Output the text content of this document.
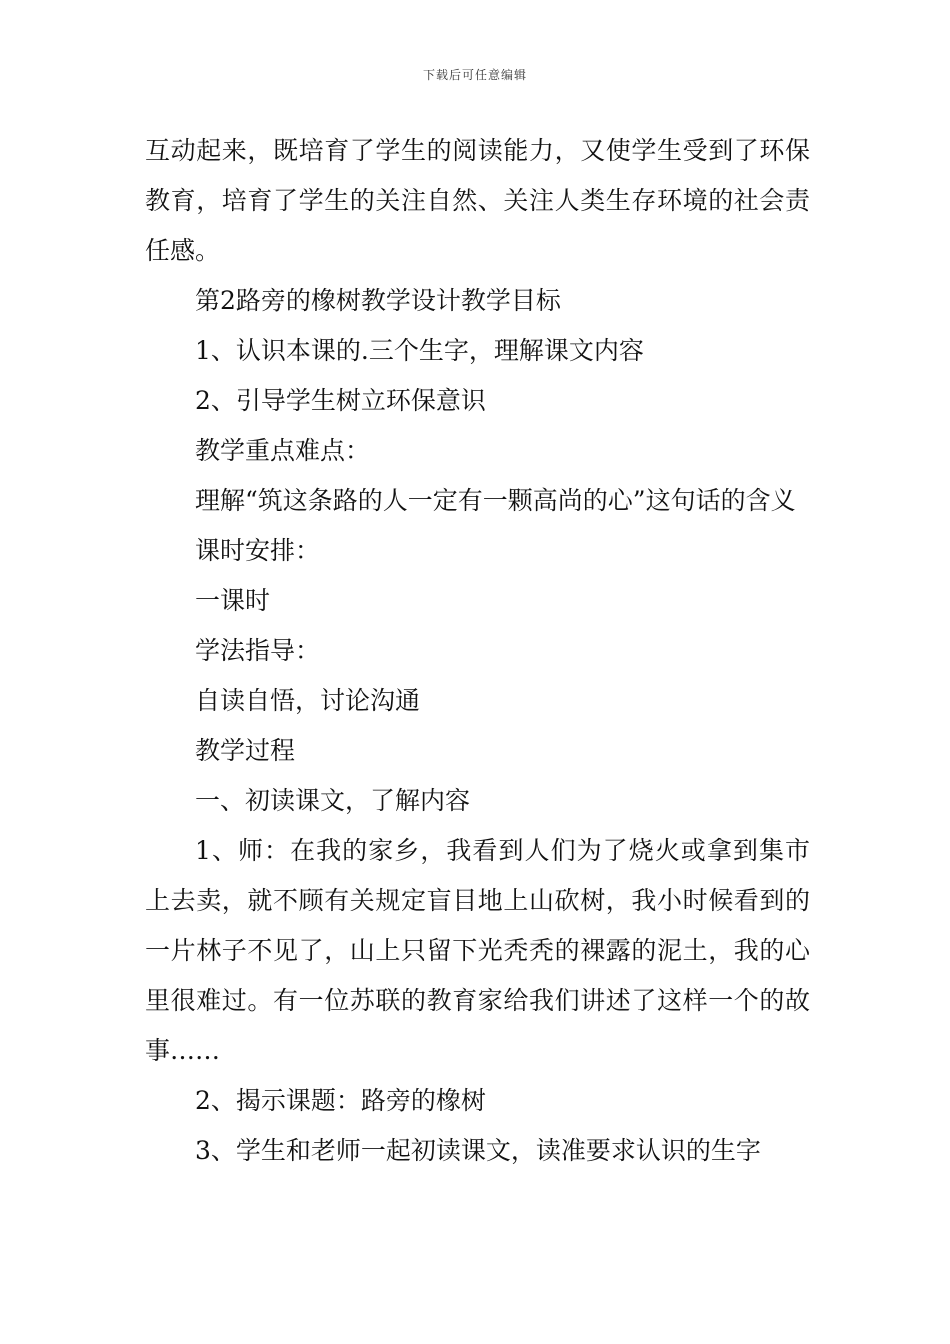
下载后可任意编辑

互动起来，既培育了学生的阅读能力，又使学生受到了环保教育，培育了学生的关注自然、关注人类生存环境的社会责任感。

第2路旁的橡树教学设计教学目标

1、认识本课的.三个生字，理解课文内容

2、引导学生树立环保意识

教学重点难点：

理解“筑这条路的人一定有一颗高尚的心”这句话的含义

课时安排：

一课时

学法指导：

自读自悟，讨论沟通

教学过程

一、初读课文，了解内容

1、师：在我的家乡，我看到人们为了烧火或拿到集市上去卖，就不顾有关规定盲目地上山砍树，我小时候看到的一片林子不见了，山上只留下光秃秃的裸露的泥土，我的心里很难过。有一位苏联的教育家给我们讲述了这样一个的故事……

2、揭示课题：路旁的橡树

3、学生和老师一起初读课文，读准要求认识的生字
